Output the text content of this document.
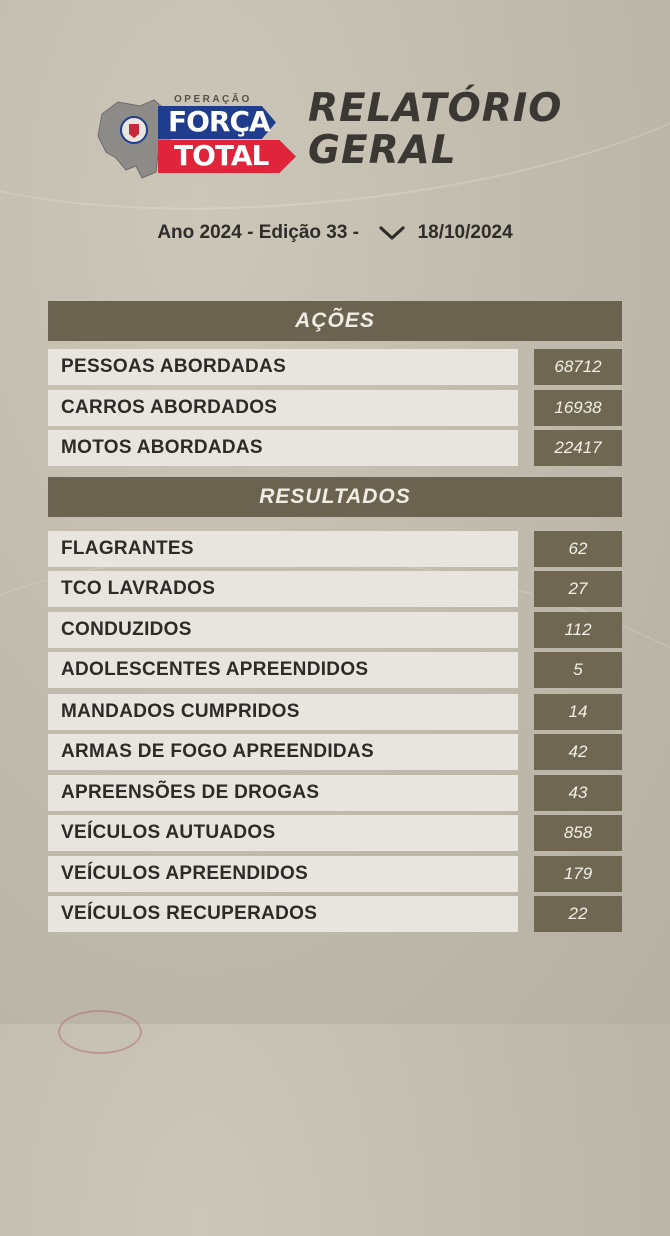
OPERAÇÃO
FORÇA
TOTAL
RELATÓRIO
GERAL
Ano 2024 - Edição 33 -	18/10/2024
AÇÕES
PESSOAS ABORDADAS	68712
CARROS ABORDADOS	16938
MOTOS ABORDADAS	22417
RESULTADOS
FLAGRANTES	62
TCO LAVRADOS	27
CONDUZIDOS	112
ADOLESCENTES APREENDIDOS	5
MANDADOS CUMPRIDOS	14
ARMAS DE FOGO APREENDIDAS	42
APREENSÕES DE DROGAS	43
VEÍCULOS AUTUADOS	858
VEÍCULOS APREENDIDOS	179
VEÍCULOS RECUPERADOS	22
